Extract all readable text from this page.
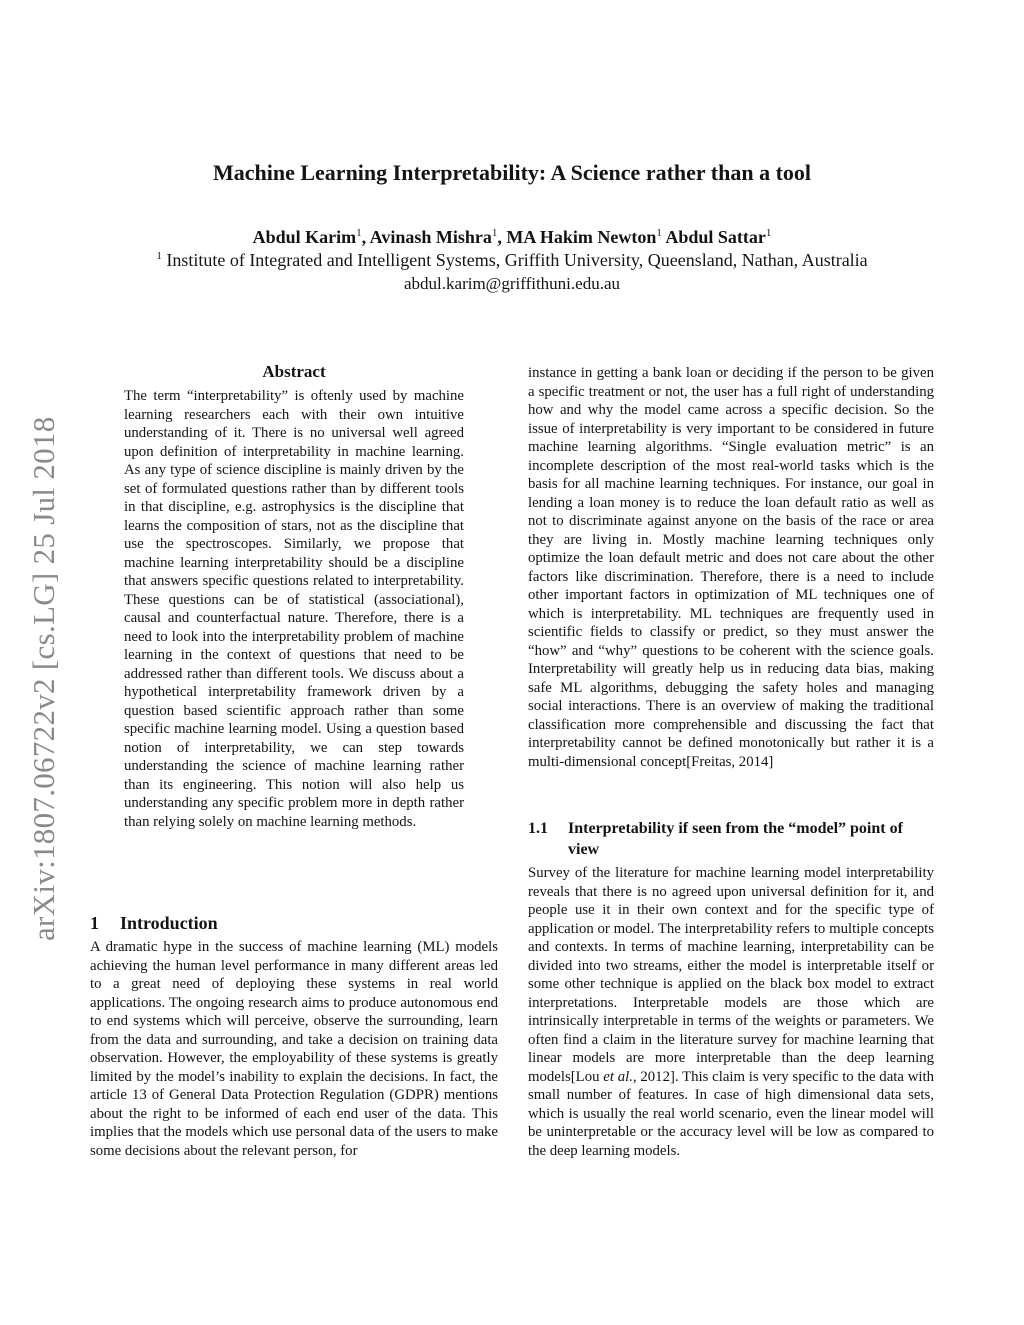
arXiv:1807.06722v2 [cs.LG] 25 Jul 2018
Machine Learning Interpretability: A Science rather than a tool
Abdul Karim$^1$, Avinash Mishra$^1$, MA Hakim Newton$^1$ Abdul Sattar$^1$
$^1$ Institute of Integrated and Intelligent Systems, Griffith University, Queensland, Nathan, Australia
abdul.karim@griffithuni.edu.au
Abstract
The term “interpretability” is oftenly used by machine learning researchers each with their own intuitive understanding of it. There is no universal well agreed upon definition of interpretability in machine learning. As any type of science discipline is mainly driven by the set of formulated questions rather than by different tools in that discipline, e.g. astrophysics is the discipline that learns the composition of stars, not as the discipline that use the spectroscopes. Similarly, we propose that machine learning interpretability should be a discipline that answers specific questions related to interpretability. These questions can be of statistical (associational), causal and counterfactual nature. Therefore, there is a need to look into the interpretability problem of machine learning in the context of questions that need to be addressed rather than different tools. We discuss about a hypothetical interpretability framework driven by a question based scientific approach rather than some specific machine learning model. Using a question based notion of interpretability, we can step towards understanding the science of machine learning rather than its engineering. This notion will also help us understanding any specific problem more in depth rather than relying solely on machine learning methods.
1 Introduction
A dramatic hype in the success of machine learning (ML) models achieving the human level performance in many different areas led to a great need of deploying these systems in real world applications. The ongoing research aims to produce autonomous end to end systems which will perceive, observe the surrounding, learn from the data and surrounding, and take a decision on training data observation. However, the employability of these systems is greatly limited by the model’s inability to explain the decisions. In fact, the article 13 of General Data Protection Regulation (GDPR) mentions about the right to be informed of each end user of the data. This implies that the models which use personal data of the users to make some decisions about the relevant person, for
instance in getting a bank loan or deciding if the person to be given a specific treatment or not, the user has a full right of understanding how and why the model came across a specific decision. So the issue of interpretability is very important to be considered in future machine learning algorithms. “Single evaluation metric” is an incomplete description of the most real-world tasks which is the basis for all machine learning techniques. For instance, our goal in lending a loan money is to reduce the loan default ratio as well as not to discriminate against anyone on the basis of the race or area they are living in. Mostly machine learning techniques only optimize the loan default metric and does not care about the other factors like discrimination. Therefore, there is a need to include other important factors in optimization of ML techniques one of which is interpretability. ML techniques are frequently used in scientific fields to classify or predict, so they must answer the “how” and “why” questions to be coherent with the science goals. Interpretability will greatly help us in reducing data bias, making safe ML algorithms, debugging the safety holes and managing social interactions. There is an overview of making the traditional classification more comprehensible and discussing the fact that interpretability cannot be defined monotonically but rather it is a multi-dimensional concept[Freitas, 2014]
1.1	Interpretability if seen from the “model” point of view
Survey of the literature for machine learning model interpretability reveals that there is no agreed upon universal definition for it, and people use it in their own context and for the specific type of application or model. The interpretability refers to multiple concepts and contexts. In terms of machine learning, interpretability can be divided into two streams, either the model is interpretable itself or some other technique is applied on the black box model to extract interpretations. Interpretable models are those which are intrinsically interpretable in terms of the weights or parameters. We often find a claim in the literature survey for machine learning that linear models are more interpretable than the deep learning models[Lou et al., 2012]. This claim is very specific to the data with small number of features. In case of high dimensional data sets, which is usually the real world scenario, even the linear model will be uninterpretable or the accuracy level will be low as compared to the deep learning models.
